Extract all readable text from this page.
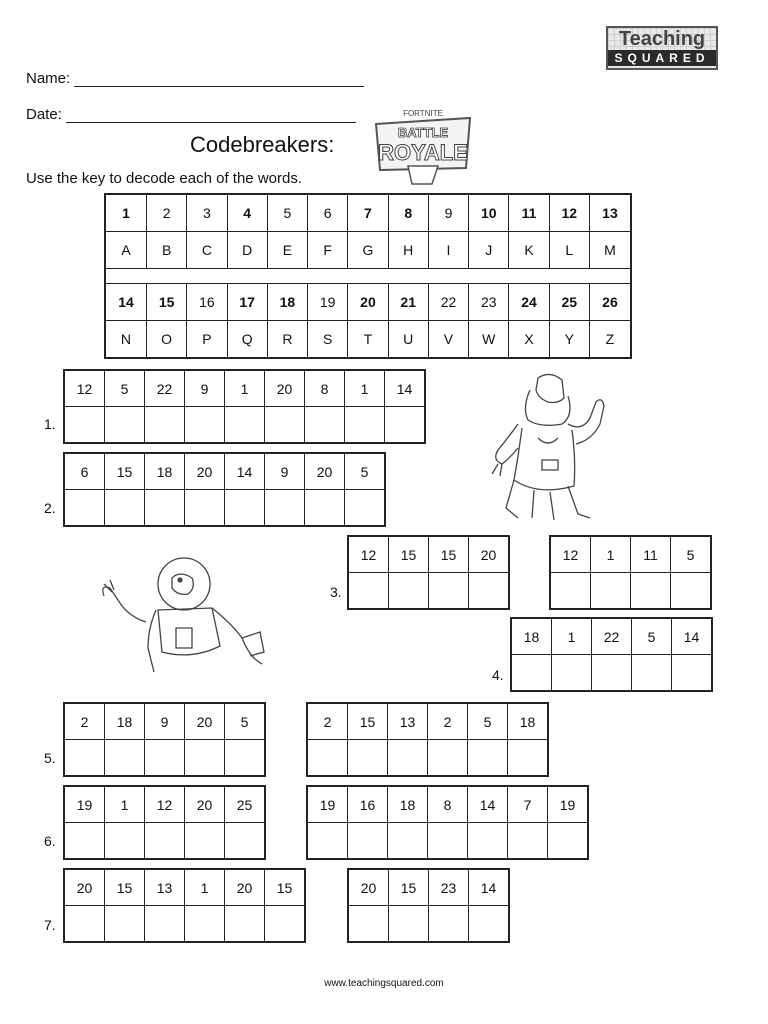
Teaching
SQUARED
Name:
Date:	FORTNITE
BATTLE
ROYALE
Codebreakers:
Use the key to decode each of the words.
1	2	3	4	5	6	7	8	9	10	11	12	13
A	B	C	D	E	F	G	H	I	J	K	L	M

14	15	16	17	18	19	20	21	22	23	24	25	26
N	O	P	Q	R	S	T	U	V	W	X	Y	Z
1.
12	5	22	9	1	20	8	1	14

2.
6	15	18	20	14	9	20	5

3.
12	15	15	20
				12	1	11	5

4.
18	1	22	5	14

5.
2	18	9	20	5
					2	15	13	2	5	18

6.
19	1	12	20	25
					19	16	18	8	14	7	19

7.
20	15	13	1	20	15
						20	15	23	14

www.teachingsquared.com
